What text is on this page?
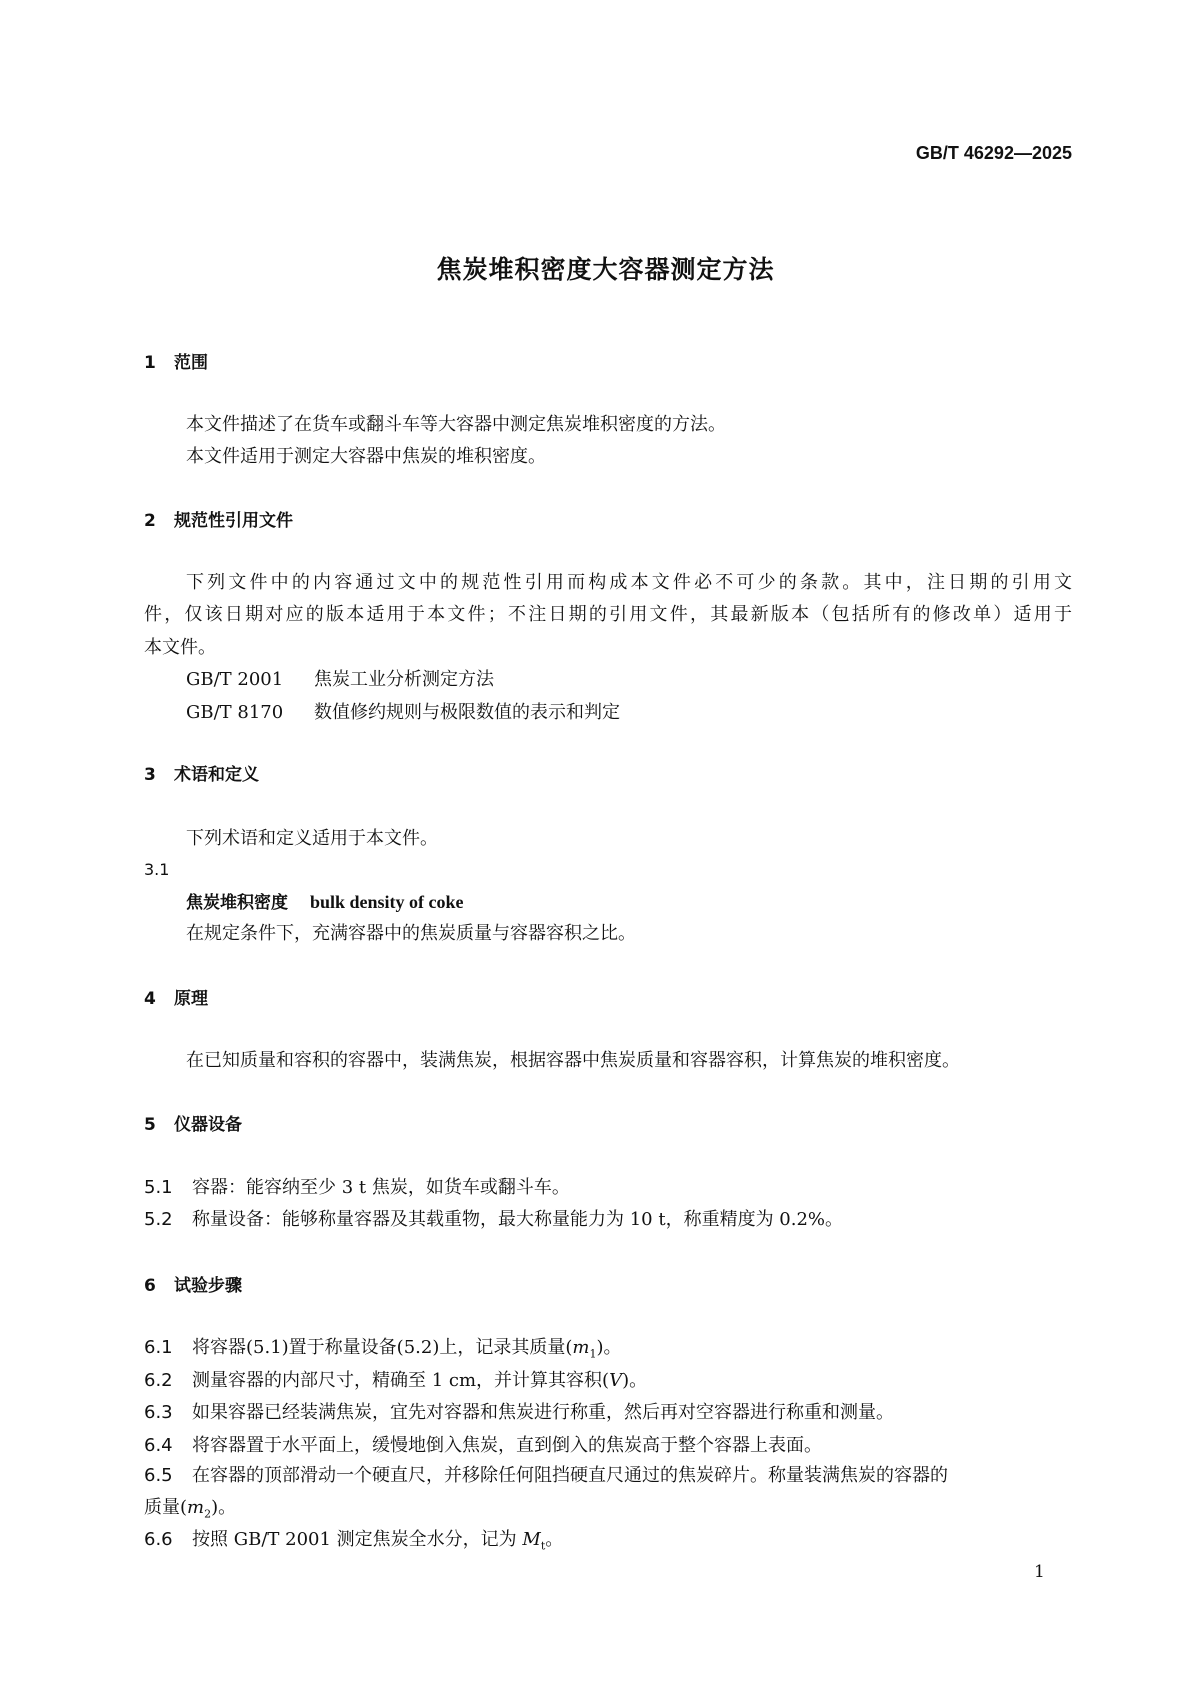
GB/T 46292—2025
焦炭堆积密度大容器测定方法
1 范围
本文件描述了在货车或翻斗车等大容器中测定焦炭堆积密度的方法。
本文件适用于测定大容器中焦炭的堆积密度。
2 规范性引用文件
下列文件中的内容通过文中的规范性引用而构成本文件必不可少的条款。其中，注日期的引用文
件，仅该日期对应的版本适用于本文件；不注日期的引用文件，其最新版本（包括所有的修改单）适用于
本文件。
GB/T 2001 焦炭工业分析测定方法
GB/T 8170 数值修约规则与极限数值的表示和判定
3 术语和定义
下列术语和定义适用于本文件。
3.1
焦炭堆积密度 bulk density of coke
在规定条件下，充满容器中的焦炭质量与容器容积之比。
4 原理
在已知质量和容积的容器中，装满焦炭，根据容器中焦炭质量和容器容积，计算焦炭的堆积密度。
5 仪器设备
5.1 容器：能容纳至少 3 t 焦炭，如货车或翻斗车。
5.2 称量设备：能够称量容器及其载重物，最大称量能力为 10 t，称重精度为 0.2%。
6 试验步骤
6.1 将容器(5.1)置于称量设备(5.2)上，记录其质量$(m_1)$。
6.2 测量容器的内部尺寸，精确至 1 cm，并计算其容积(V)。
6.3 如果容器已经装满焦炭，宜先对容器和焦炭进行称重，然后再对空容器进行称重和测量。
6.4 将容器置于水平面上，缓慢地倒入焦炭，直到倒入的焦炭高于整个容器上表面。
6.5 在容器的顶部滑动一个硬直尺，并移除任何阻挡硬直尺通过的焦炭碎片。称量装满焦炭的容器的
质量$(m_2)$。
6.6 按照 GB/T 2001 测定焦炭全水分，记为 $M_t$。
1
